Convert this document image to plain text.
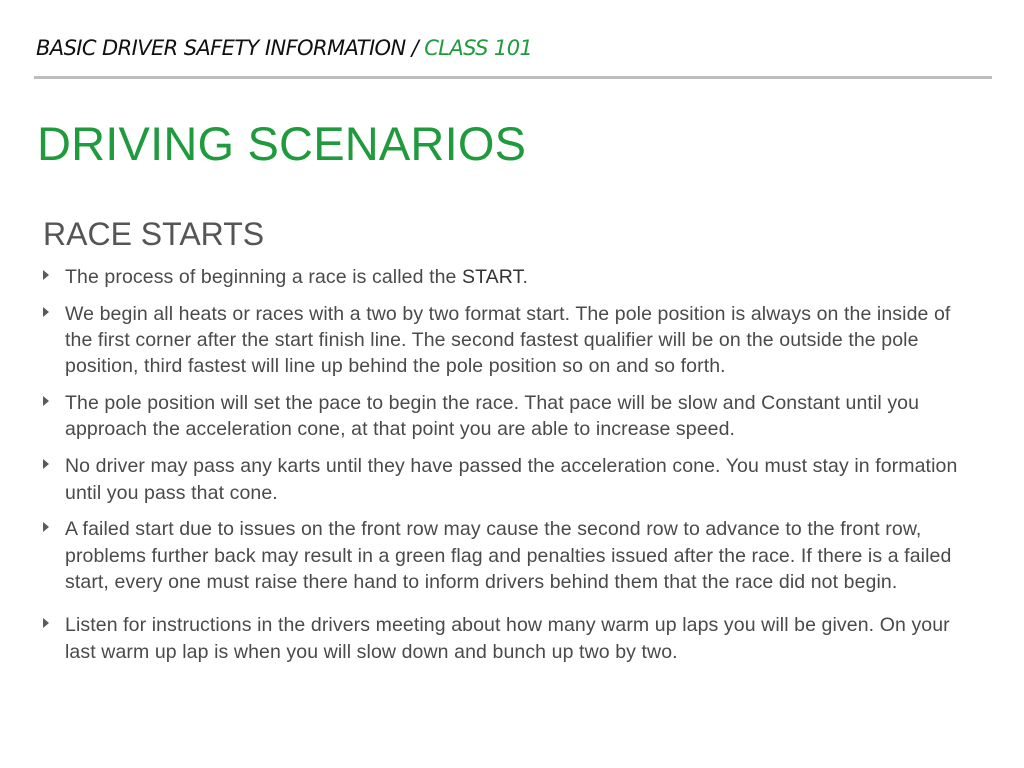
BASIC DRIVER SAFETY INFORMATION / CLASS 101
DRIVING SCENARIOS
RACE STARTS
The process of beginning a race is called the START.
We begin all heats or races with a two by two format start. The pole position is always on the inside of the first corner after the start finish line. The second fastest qualifier will be on the outside the pole position, third fastest will line up behind the pole position so on and so forth.
The pole position will set the pace to begin the race. That pace will be slow and Constant until you approach the acceleration cone, at that point you are able to increase speed.
No driver may pass any karts until they have passed the acceleration cone. You must stay in formation until you pass that cone.
A failed start due to issues on the front row may cause the second row to advance to the front row, problems further back may result in a green flag and penalties issued after the race. If there is a failed start, every one must raise there hand to inform drivers behind them that the race did not begin.
Listen for instructions in the drivers meeting about how many warm up laps you will be given. On your last warm up lap is when you will slow down and bunch up two by two.
